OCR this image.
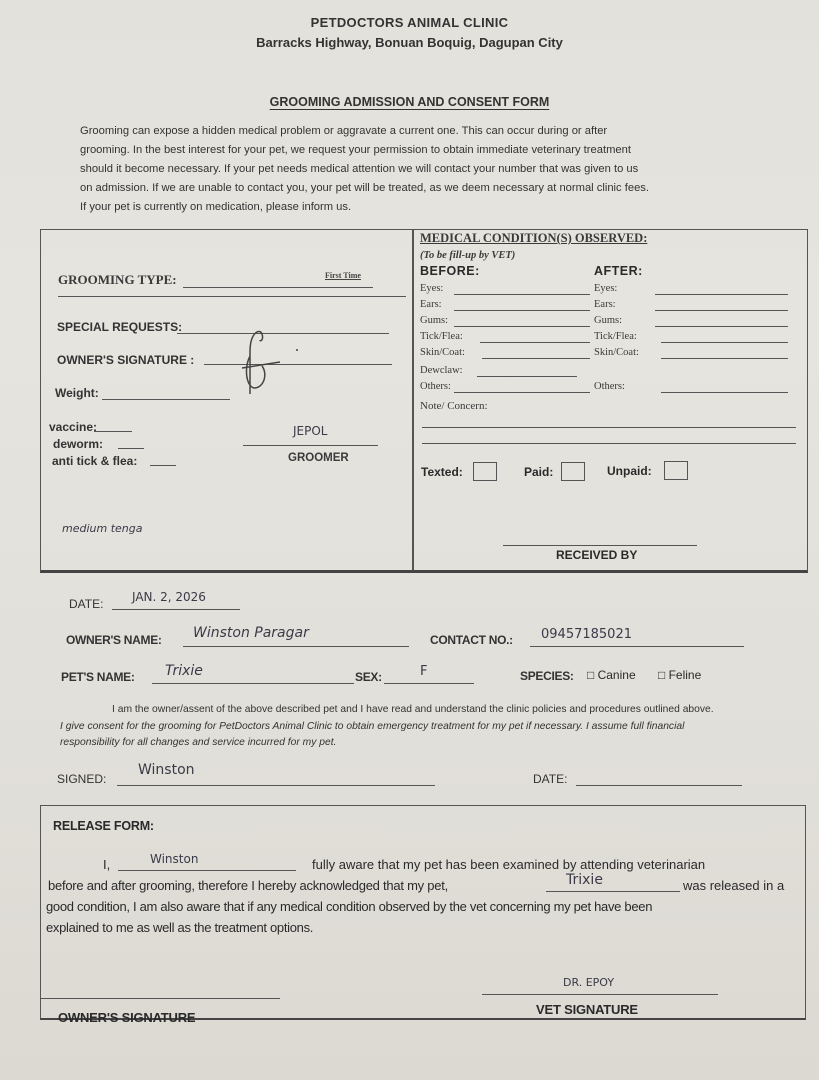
PETDOCTORS ANIMAL CLINIC
Barracks Highway, Bonuan Boquig, Dagupan City
GROOMING ADMISSION AND CONSENT FORM
Grooming can expose a hidden medical problem or aggravate a current one. This can occur during or after
grooming. In the best interest for your pet, we request your permission to obtain immediate veterinary treatment
should it become necessary. If your pet needs medical attention we will contact your number that was given to us
on admission. If we are unable to contact you, your pet will be treated, as we deem necessary at normal clinic fees.
If your pet is currently on medication, please inform us.
GROOMING TYPE:	First Time
SPECIAL REQUESTS:
OWNER'S SIGNATURE :
Weight:
vaccine:
deworm:
anti tick & flea:
JEPOL
GROOMER
medium tenga
MEDICAL CONDITION(S) OBSERVED:
(To be fill-up by VET)
BEFORE:	AFTER:
Eyes:	Eyes:
Ears:	Ears:
Gums:	Gums:
Tick/Flea:	Tick/Flea:
Skin/Coat:	Skin/Coat:
Dewclaw:
Others:	Others:
Note/ Concern:
Texted:	Paid:	Unpaid:
RECEIVED BY
DATE: JAN. 2, 2026
OWNER'S NAME: Winston Paragar	CONTACT NO.: 09457185021
PET'S NAME: Trixie	SEX:	F	SPECIES: □ Canine □ Feline
I am the owner/assent of the above described pet and I have read and understand the clinic policies and procedures outlined above.
I give consent for the grooming for PetDoctors Animal Clinic to obtain emergency treatment for my pet if necessary. I assume full financial
responsibility for all changes and service incurred for my pet.
SIGNED:
Winston
DATE:
RELEASE FORM:
I,	Winston	fully aware that my pet has been examined by attending veterinarian
before and after grooming, therefore I hereby acknowledged that my pet,	Trixie	was released in a
good condition, I am also aware that if any medical condition observed by the vet concerning my pet have been
explained to me as well as the treatment options.
OWNER'S SIGNATURE
DR. EPOY
VET SIGNATURE
